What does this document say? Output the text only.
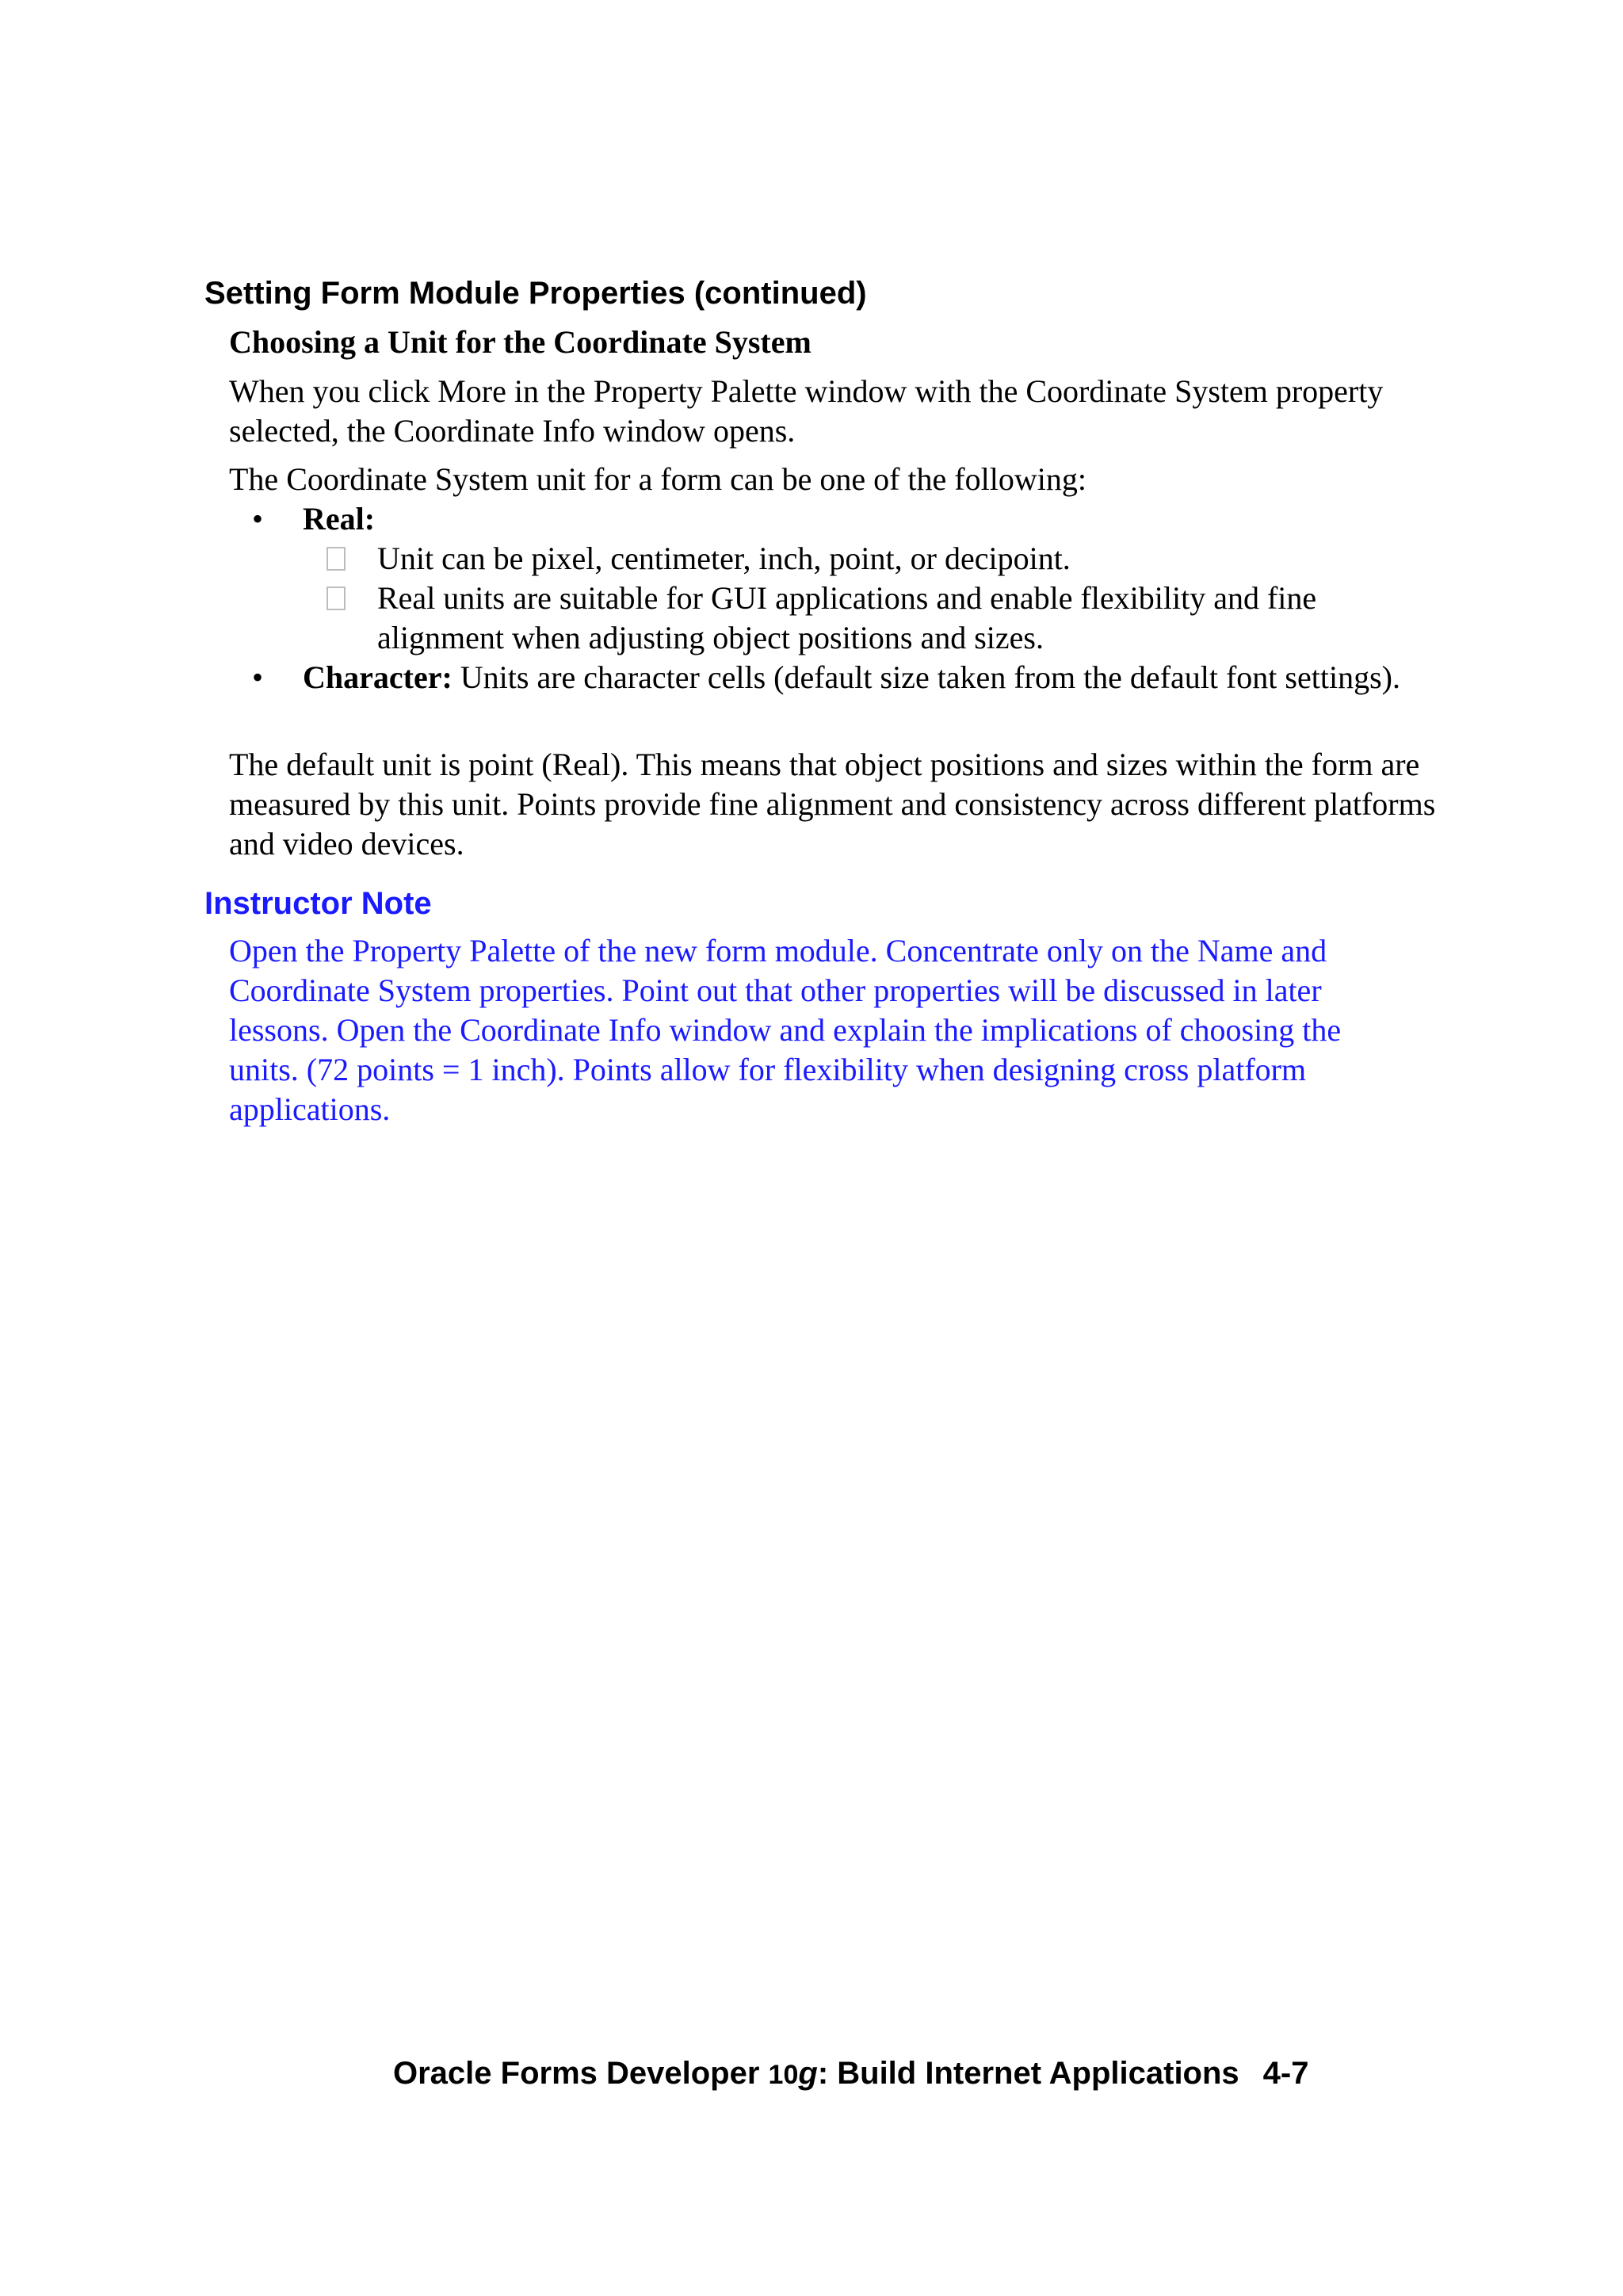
Setting Form Module Properties (continued)
Choosing a Unit for the Coordinate System
When you click More in the Property Palette window with the Coordinate System property selected, the Coordinate Info window opens.
The Coordinate System unit for a form can be one of the following:
• Real:
Unit can be pixel, centimeter, inch, point, or decipoint.
Real units are suitable for GUI applications and enable flexibility and fine alignment when adjusting object positions and sizes.
• Character: Units are character cells (default size taken from the default font settings).
The default unit is point (Real). This means that object positions and sizes within the form are measured by this unit. Points provide fine alignment and consistency across different platforms and video devices.
Instructor Note
Open the Property Palette of the new form module. Concentrate only on the Name and Coordinate System properties. Point out that other properties will be discussed in later lessons. Open the Coordinate Info window and explain the implications of choosing the units. (72 points = 1 inch). Points allow for flexibility when designing cross platform applications.
Oracle Forms Developer 10g: Build Internet Applications 4-7
